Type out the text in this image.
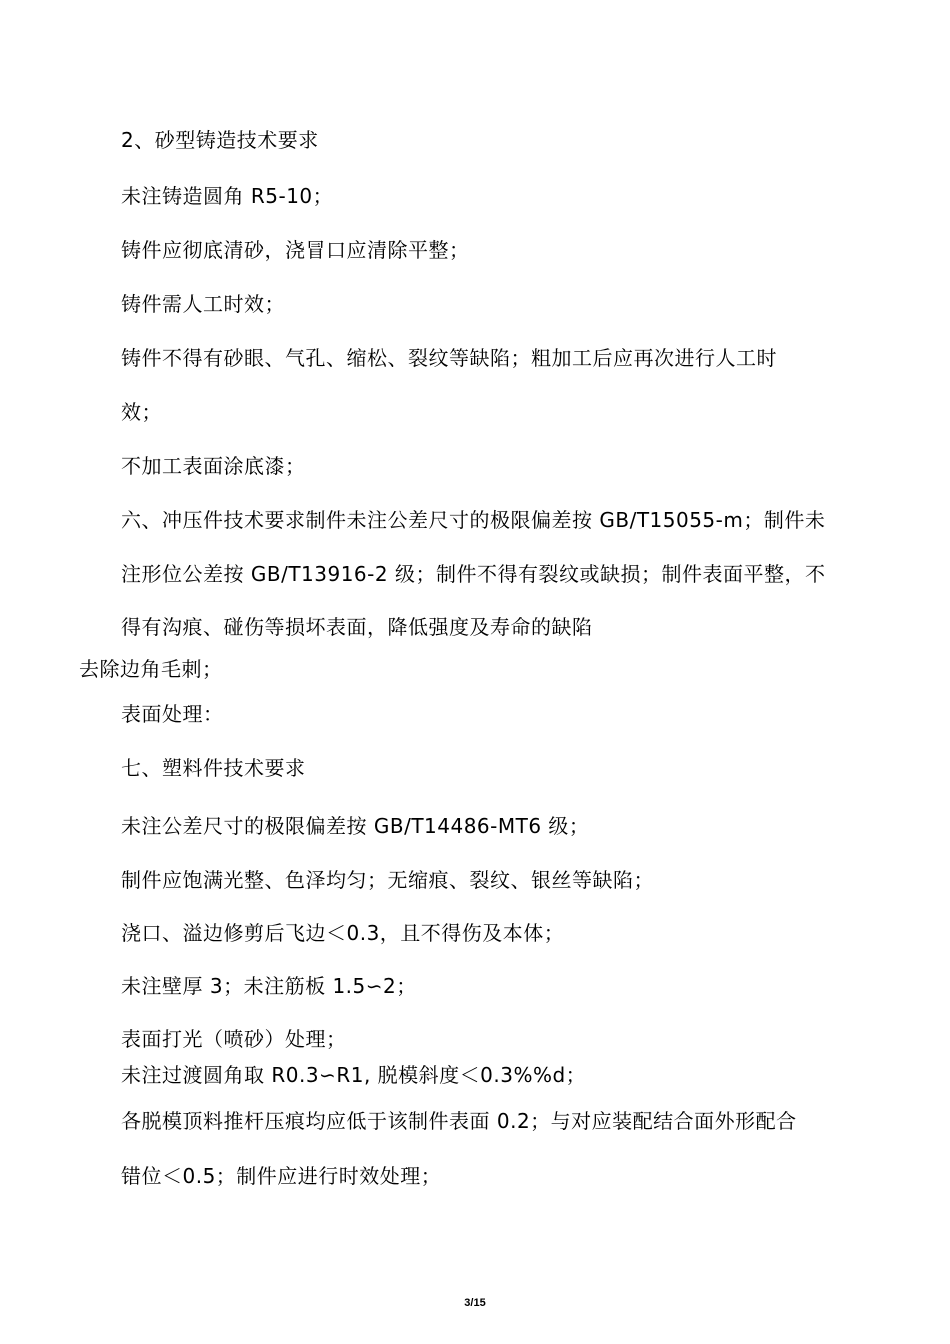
2、砂型铸造技术要求
未注铸造圆角 R5-10；
铸件应彻底清砂，浇冒口应清除平整；
铸件需人工时效；
铸件不得有砂眼、气孔、缩松、裂纹等缺陷；粗加工后应再次进行人工时
效；
不加工表面涂底漆；
六、冲压件技术要求制件未注公差尺寸的极限偏差按 GB/T15055-m；制件未
注形位公差按 GB/T13916-2 级；制件不得有裂纹或缺损；制件表面平整，不
得有沟痕、碰伤等损坏表面，降低强度及寿命的缺陷
去除边角毛刺；
表面处理：
七、塑料件技术要求
未注公差尺寸的极限偏差按 GB/T14486-MT6 级；
制件应饱满光整、色泽均匀；无缩痕、裂纹、银丝等缺陷；
浇口、溢边修剪后飞边＜0.3，且不得伤及本体；
未注壁厚 3；未注筋板 1.5∽2；
表面打光（喷砂）处理；
未注过渡圆角取 R0.3∽R1, 脱模斜度＜0.3%%d；
各脱模顶料推杆压痕均应低于该制件表面 0.2；与对应装配结合面外形配合
错位＜0.5；制件应进行时效处理；
3/15
